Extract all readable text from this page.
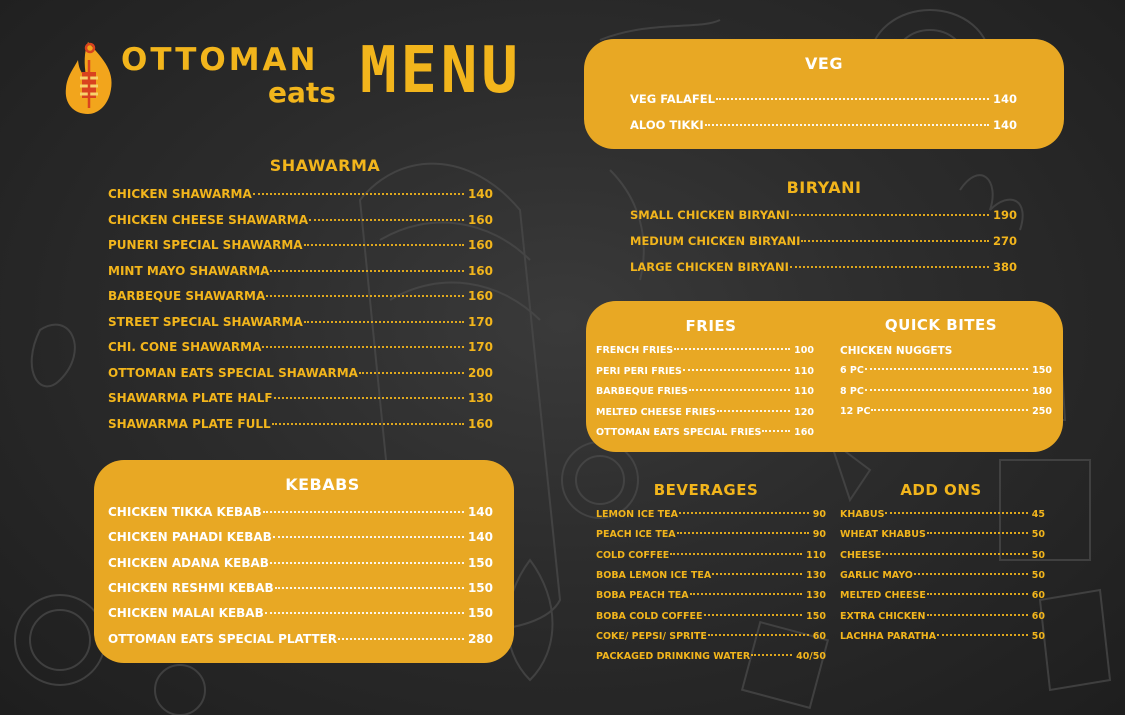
OTTOMAN
eats MENU
SHAWARMA
CHICKEN SHAWARMA	140
CHICKEN CHEESE SHAWARMA	160
PUNERI SPECIAL SHAWARMA	160
MINT MAYO SHAWARMA	160
BARBEQUE SHAWARMA	160
STREET SPECIAL SHAWARMA	170
CHI. CONE SHAWARMA	170
OTTOMAN EATS SPECIAL SHAWARMA	200
SHAWARMA PLATE HALF	130
SHAWARMA PLATE FULL	160
KEBABS
CHICKEN TIKKA KEBAB	140
CHICKEN PAHADI KEBAB	140
CHICKEN ADANA KEBAB	150
CHICKEN RESHMI KEBAB	150
CHICKEN MALAI KEBAB	150
OTTOMAN EATS SPECIAL PLATTER	280
VEG
VEG FALAFEL	140
ALOO TIKKI	140
BIRYANI
SMALL CHICKEN BIRYANI	190
MEDIUM CHICKEN BIRYANI	270
LARGE CHICKEN BIRYANI	380
FRIES	QUICK BITES
CHICKEN NUGGETS
FRENCH FRIES	100
PERI PERI FRIES	110
BARBEQUE FRIES	110
MELTED CHEESE FRIES	120
OTTOMAN EATS SPECIAL FRIES	160
6 PC	150
8 PC	180
12 PC	250
BEVERAGES	ADD ONS
LEMON ICE TEA	90
PEACH ICE TEA	90
COLD COFFEE	110
BOBA LEMON ICE TEA	130
BOBA PEACH TEA	130
BOBA COLD COFFEE	150
COKE/ PEPSI/ SPRITE	60
PACKAGED DRINKING WATER	40/50
KHABUS	45
WHEAT KHABUS	50
CHEESE	50
GARLIC MAYO	50
MELTED CHEESE	60
EXTRA CHICKEN	60
LACHHA PARATHA	50
